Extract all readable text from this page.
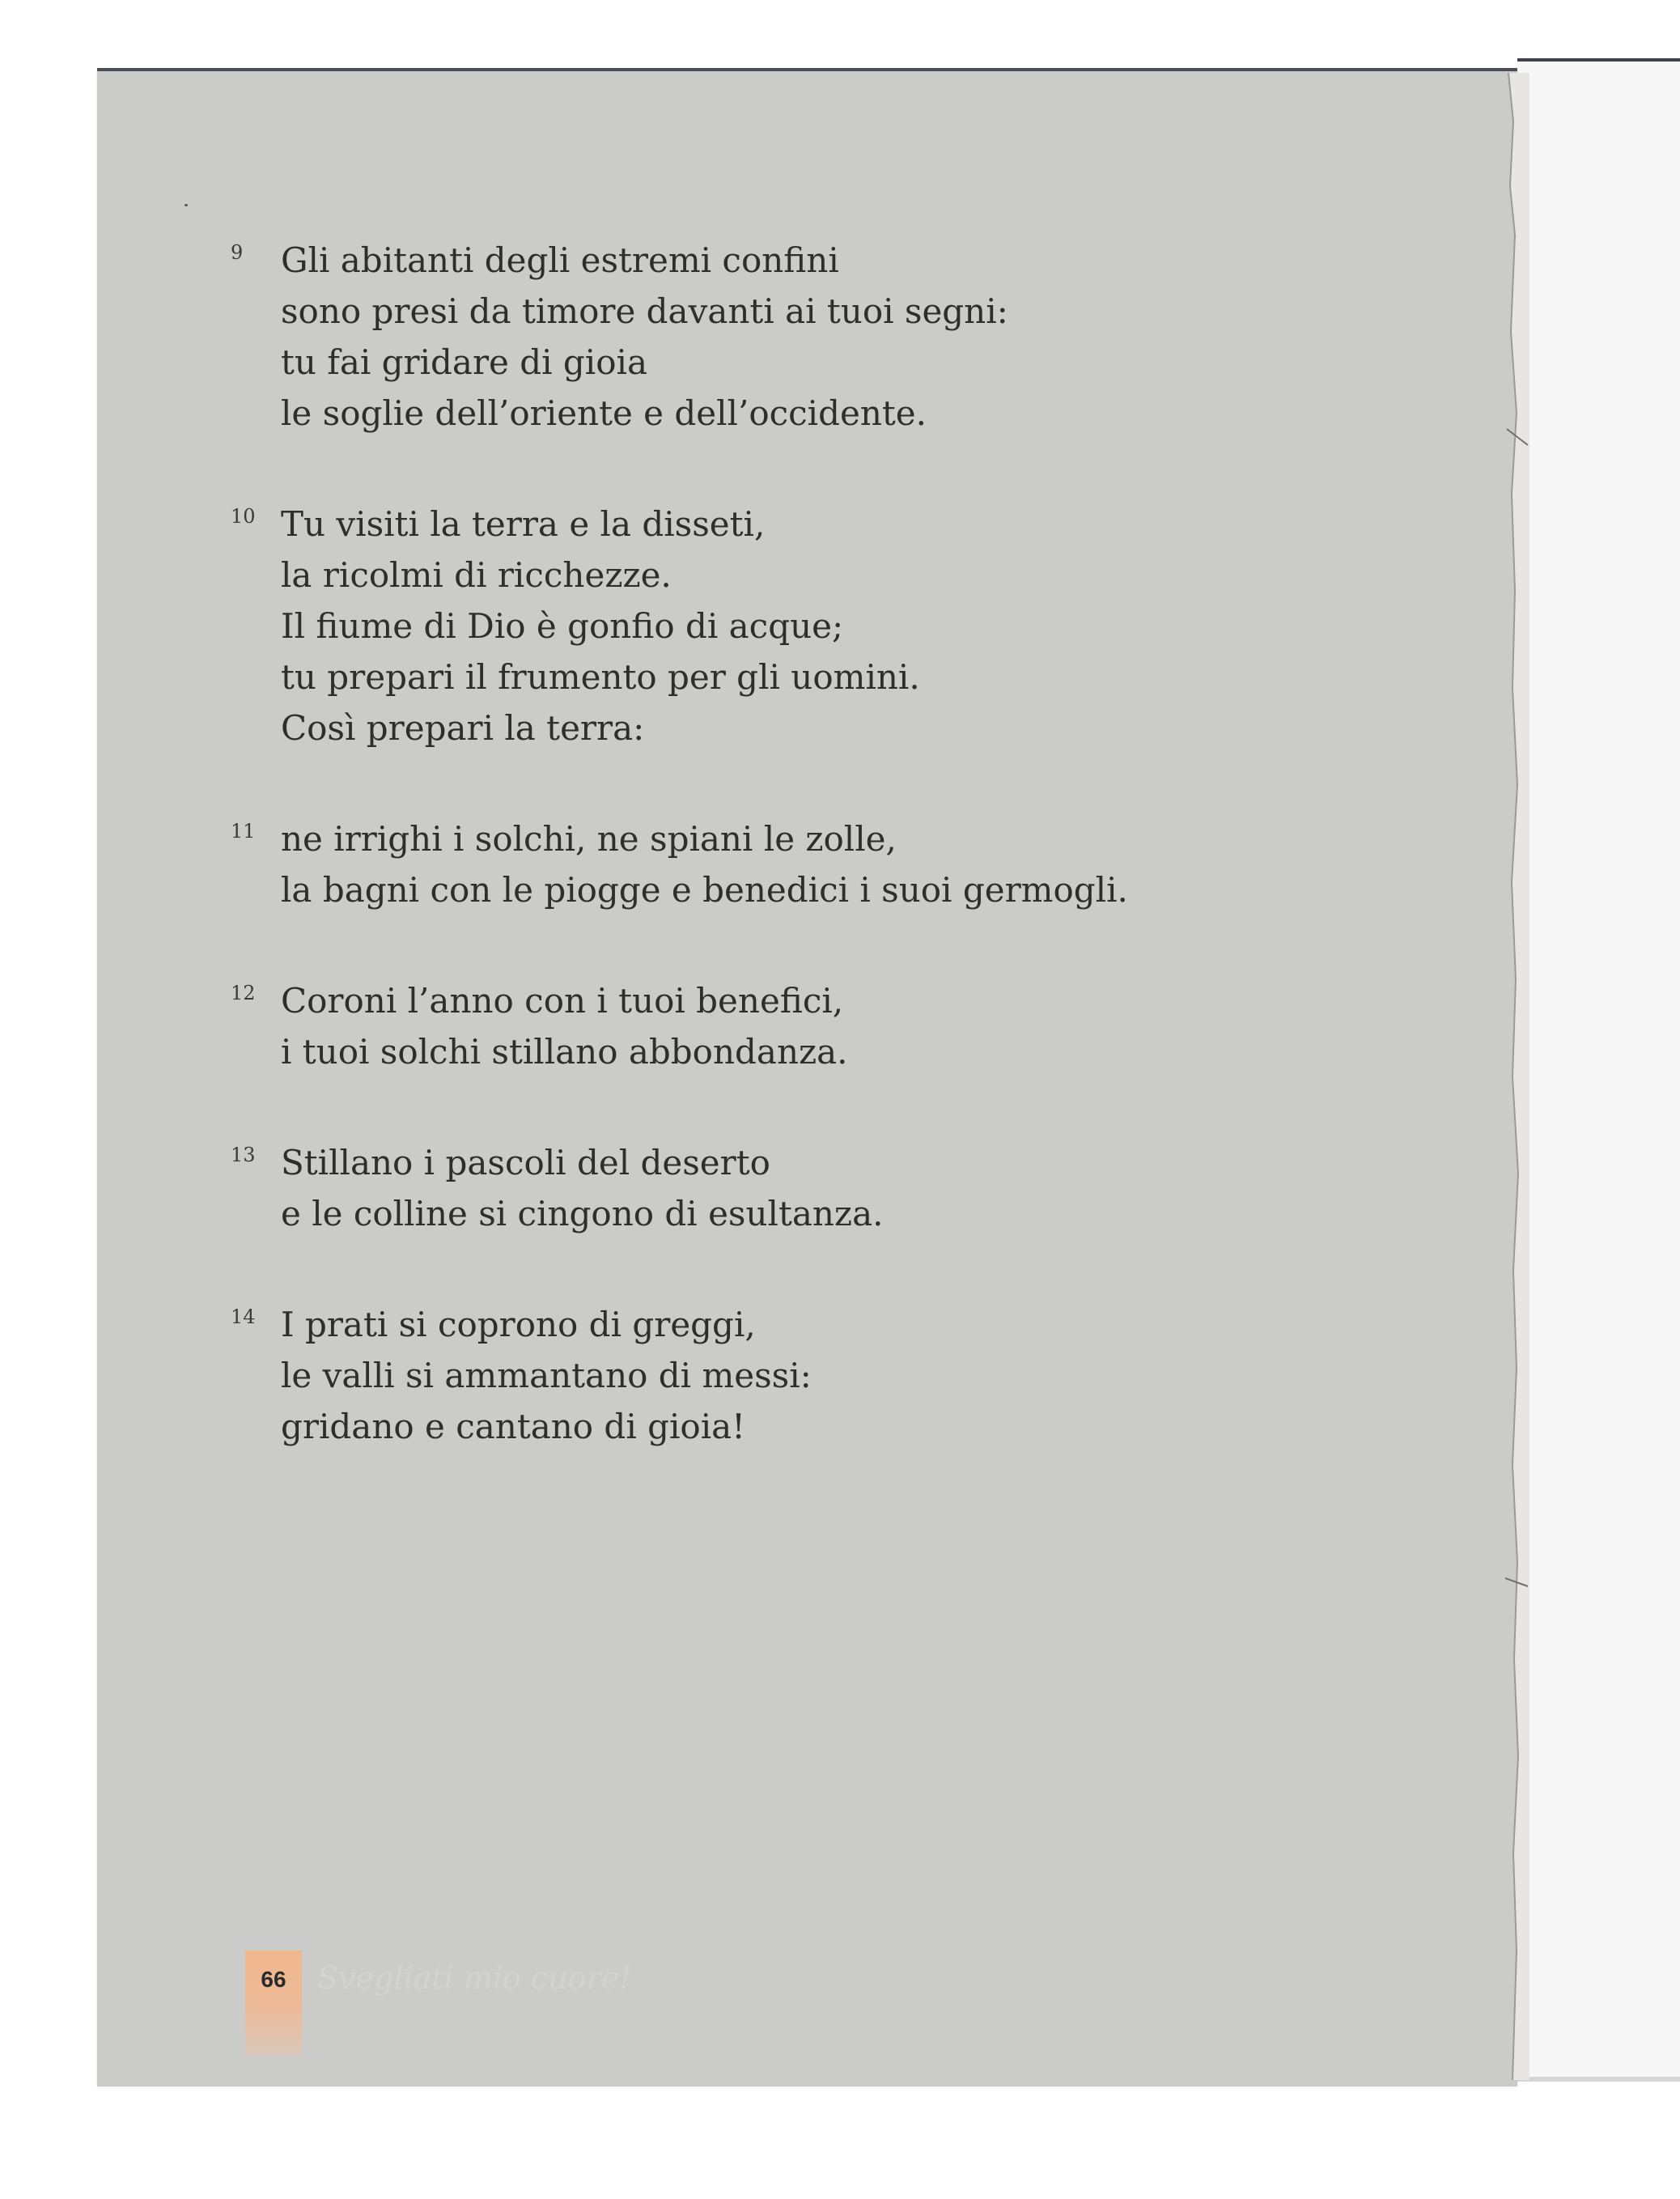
9 Gli abitanti degli estremi confini
sono presi da timore davanti ai tuoi segni:
tu fai gridare di gioia
le soglie dell’oriente e dell’occidente.
10 Tu visiti la terra e la disseti,
la ricolmi di ricchezze.
Il fiume di Dio è gonfio di acque;
tu prepari il frumento per gli uomini.
Così prepari la terra:
11 ne irrighi i solchi, ne spiani le zolle,
la bagni con le piogge e benedici i suoi germogli.
12 Coroni l’anno con i tuoi benefici,
i tuoi solchi stillano abbondanza.
13 Stillano i pascoli del deserto
e le colline si cingono di esultanza.
14 I prati si coprono di greggi,
le valli si ammantano di messi:
gridano e cantano di gioia!
66	Svegliati mio cuore!
